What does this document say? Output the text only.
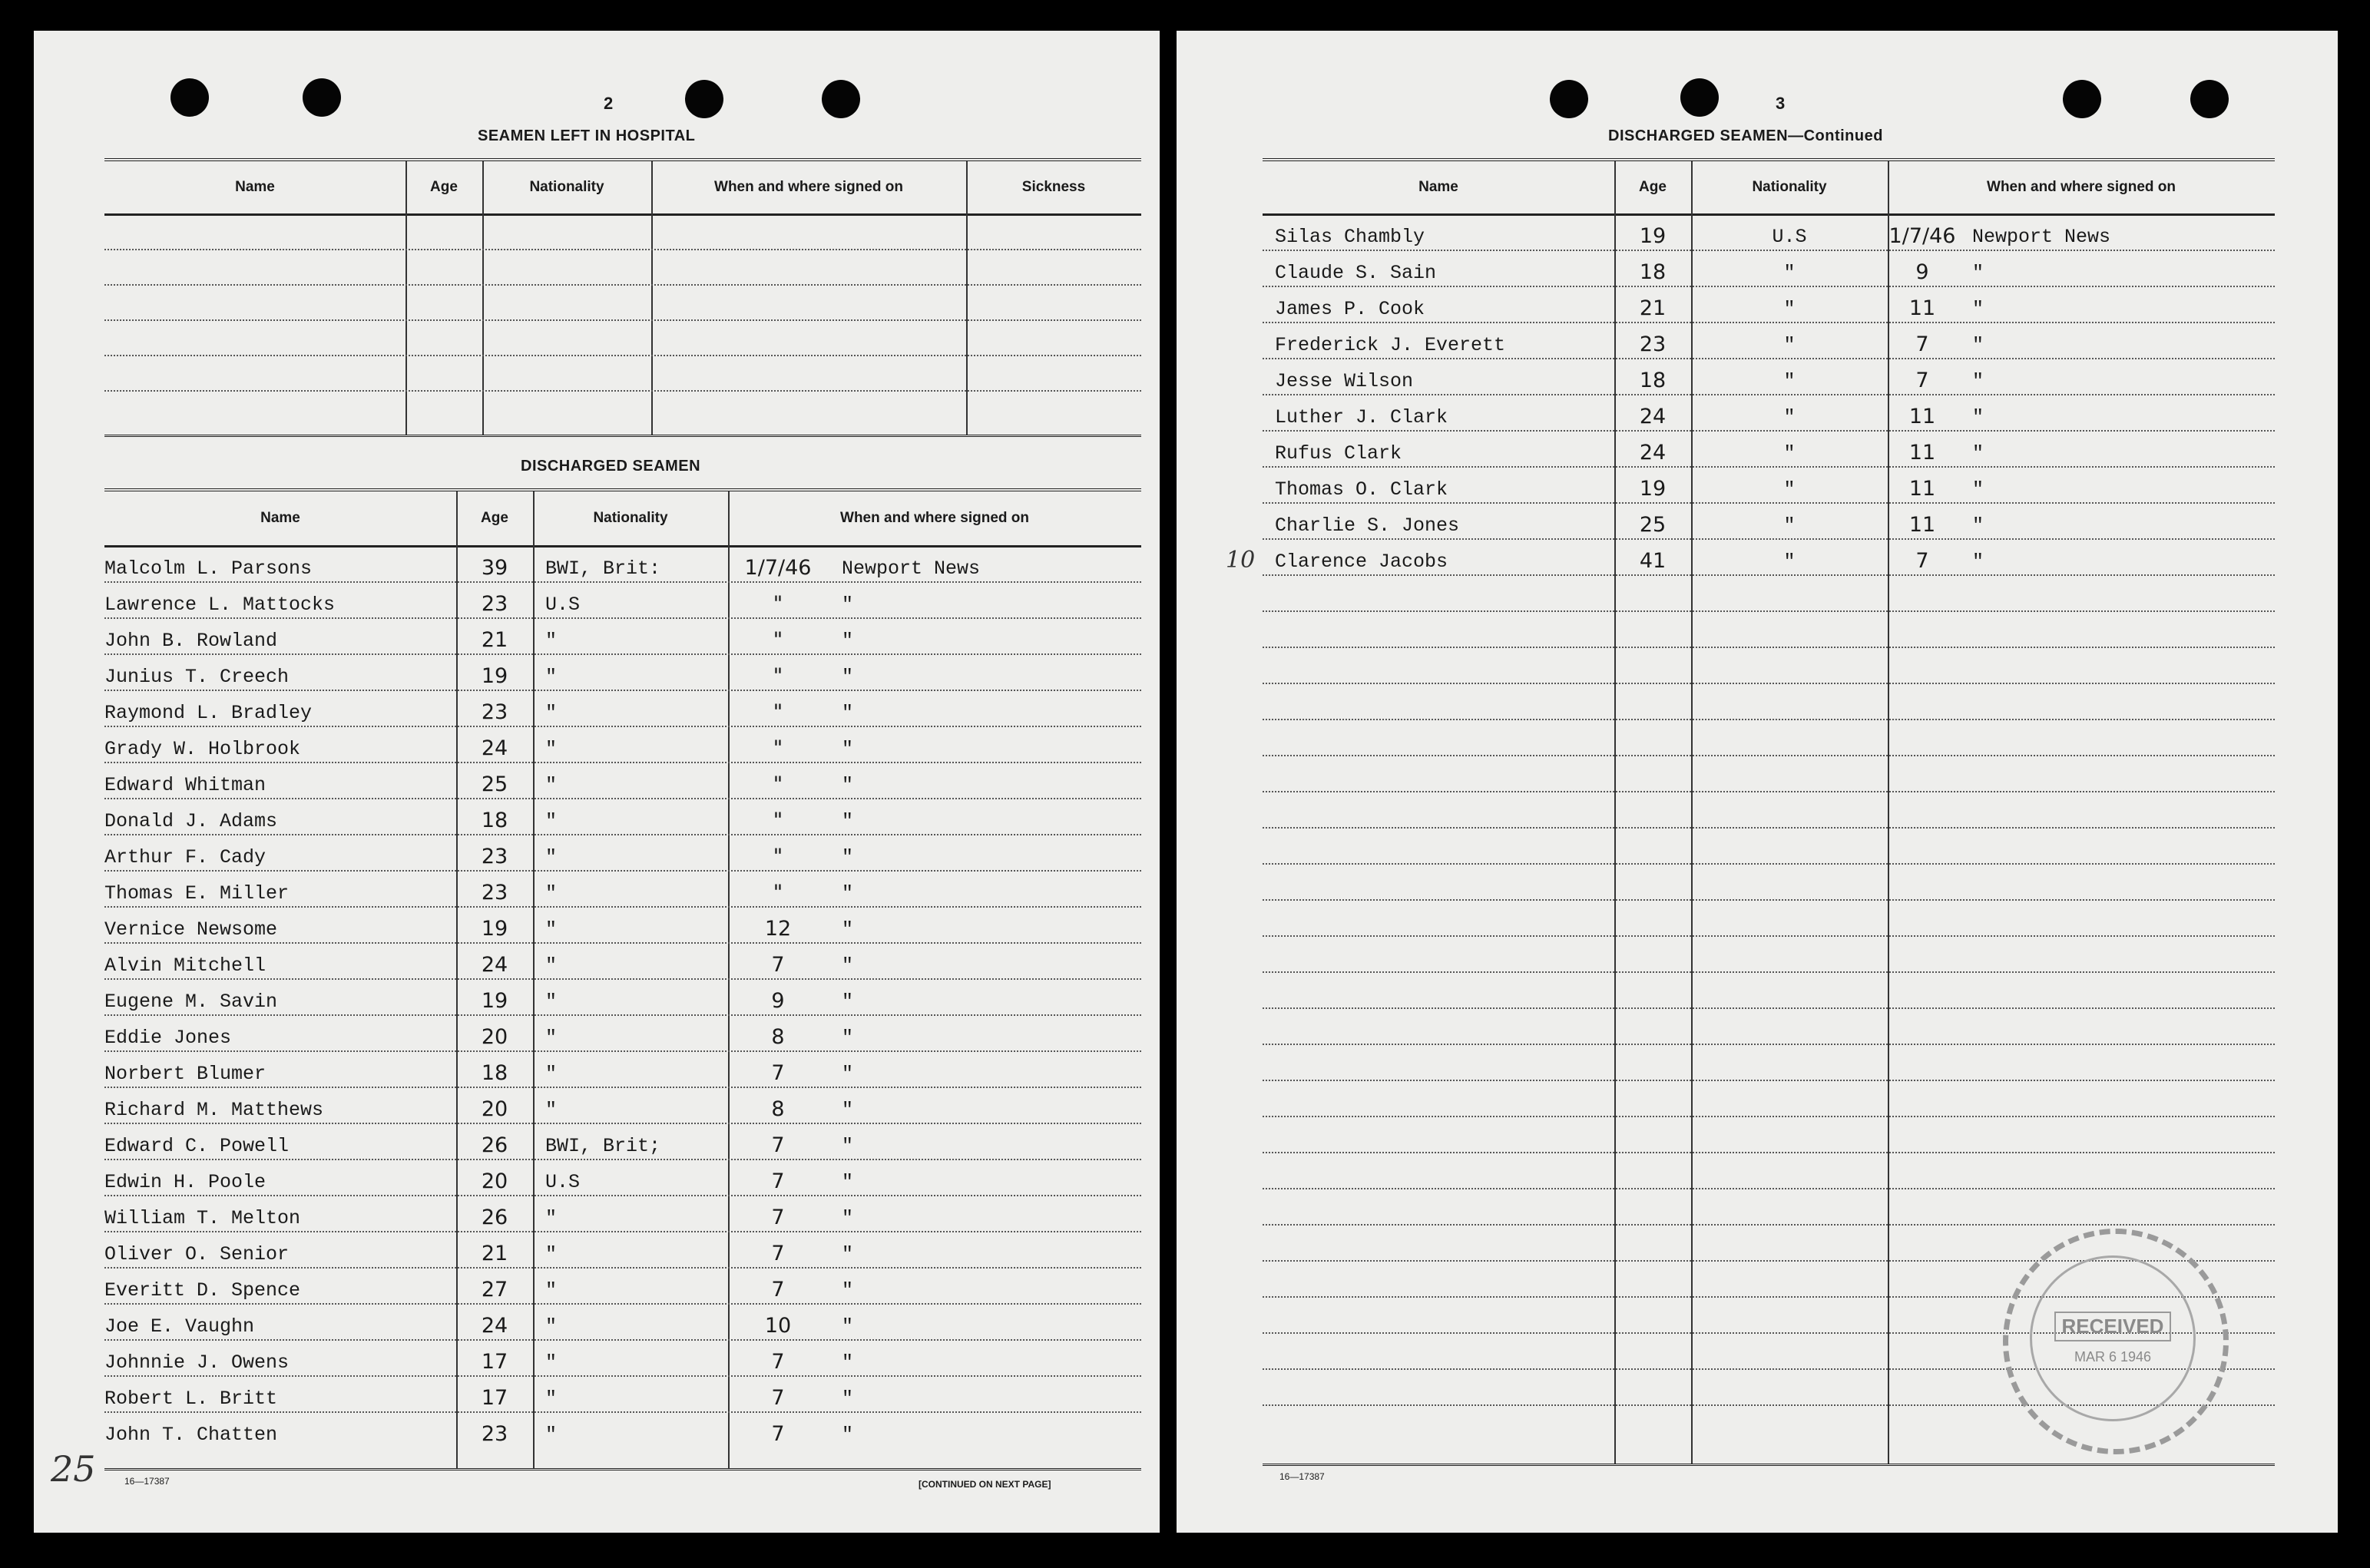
2
SEAMEN LEFT IN HOSPITAL
Name	Age	Nationality	When and where signed on	Sickness
DISCHARGED SEAMEN
Name	Age	Nationality	When and where signed on
Malcolm L. Parsons	39	BWI, Brit:	1/7/46	Newport News
Lawrence L. Mattocks	23	U.S	"	"
John B. Rowland	21	"	"	"
Junius T. Creech	19	"	"	"
Raymond L. Bradley	23	"	"	"
Grady W. Holbrook	24	"	"	"
Edward Whitman	25	"	"	"
Donald J. Adams	18	"	"	"
Arthur F. Cady	23	"	"	"
Thomas E. Miller	23	"	"	"
Vernice Newsome	19	"	12	"
Alvin Mitchell	24	"	7	"
Eugene M. Savin	19	"	9	"
Eddie Jones	20	"	8	"
Norbert Blumer	18	"	7	"
Richard M. Matthews	20	"	8	"
Edward C. Powell	26	BWI, Brit;	7	"
Edwin H. Poole	20	U.S	7	"
William T. Melton	26	"	7	"
Oliver O. Senior	21	"	7	"
Everitt D. Spence	27	"	7	"
Joe E. Vaughn	24	"	10	"
Johnnie J. Owens	17	"	7	"
Robert L. Britt	17	"	7	"
John T. Chatten	23	"	7	"
25	16—17387	[CONTINUED ON NEXT PAGE]
3
DISCHARGED SEAMEN—Continued
Name	Age	Nationality	When and where signed on
Silas Chambly	19	U.S	1/7/46 Newport News
Claude S. Sain	18	"	9	"
James P. Cook	21	"	11	"
Frederick J. Everett	23	"	7	"
Jesse Wilson	18	"	7	"
Luther J. Clark	24	"	11	"
Rufus Clark	24	"	11	"
Thomas O. Clark	19	"	11	"
Charlie S. Jones	25	"	11	"
Clarence Jacobs	41	"	7	"
10
16—17387
RECEIVED
MAR 6 1946
